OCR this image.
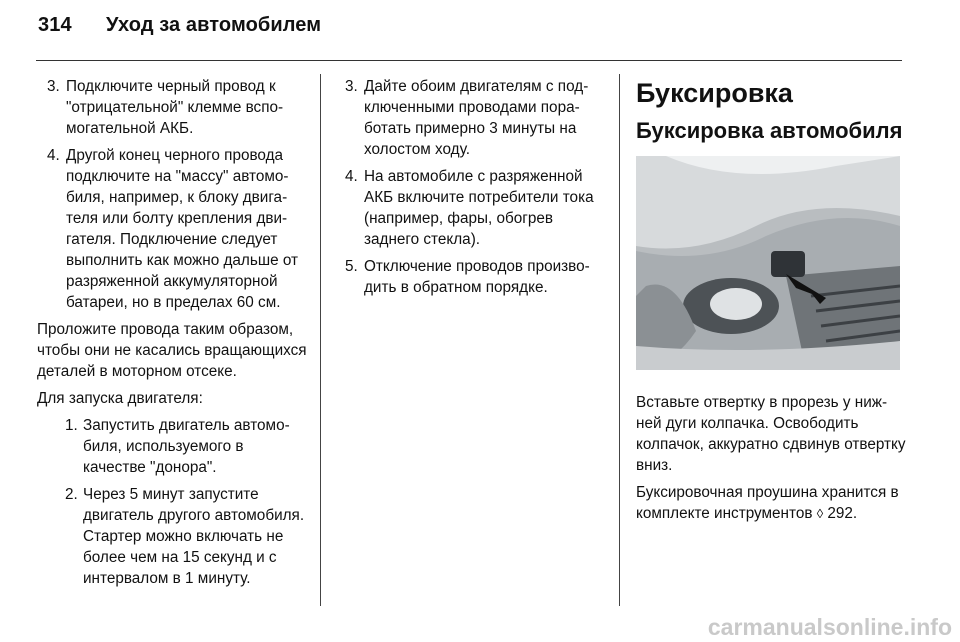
314 Уход за автомобилем
3. Подключите черный провод к "отрицательной" клемме вспомогательной АКБ.
4. Другой конец черного провода подключите на "массу" автомобиля, например, к блоку двигателя или болту крепления двигателя. Подключение следует выполнить как можно дальше от разряженной аккумуляторной батареи, но в пределах 60 см.

Проложите провода таким образом, чтобы они не касались вращающихся деталей в моторном отсеке.

Для запуска двигателя:

1. Запустить двигатель автомобиля, используемого в качестве "донора".
2. Через 5 минут запустите двигатель другого автомобиля. Стартер можно включать не более чем на 15 секунд и с интервалом в 1 минуту.
3. Дайте обоим двигателям с подключенными проводами поработать примерно 3 минуты на холостом ходу.
4. На автомобиле с разряженной АКБ включите потребители тока (например, фары, обогрев заднего стекла).
5. Отключение проводов производить в обратном порядке.
Буксировка
Буксировка автомобиля

Вставьте отвертку в прорезь у нижней дуги колпачка. Освободить колпачок, аккуратно сдвинув отвертку вниз.

Буксировочная проушина хранится в комплекте инструментов ◊ 292.

carmanualsonline.info
